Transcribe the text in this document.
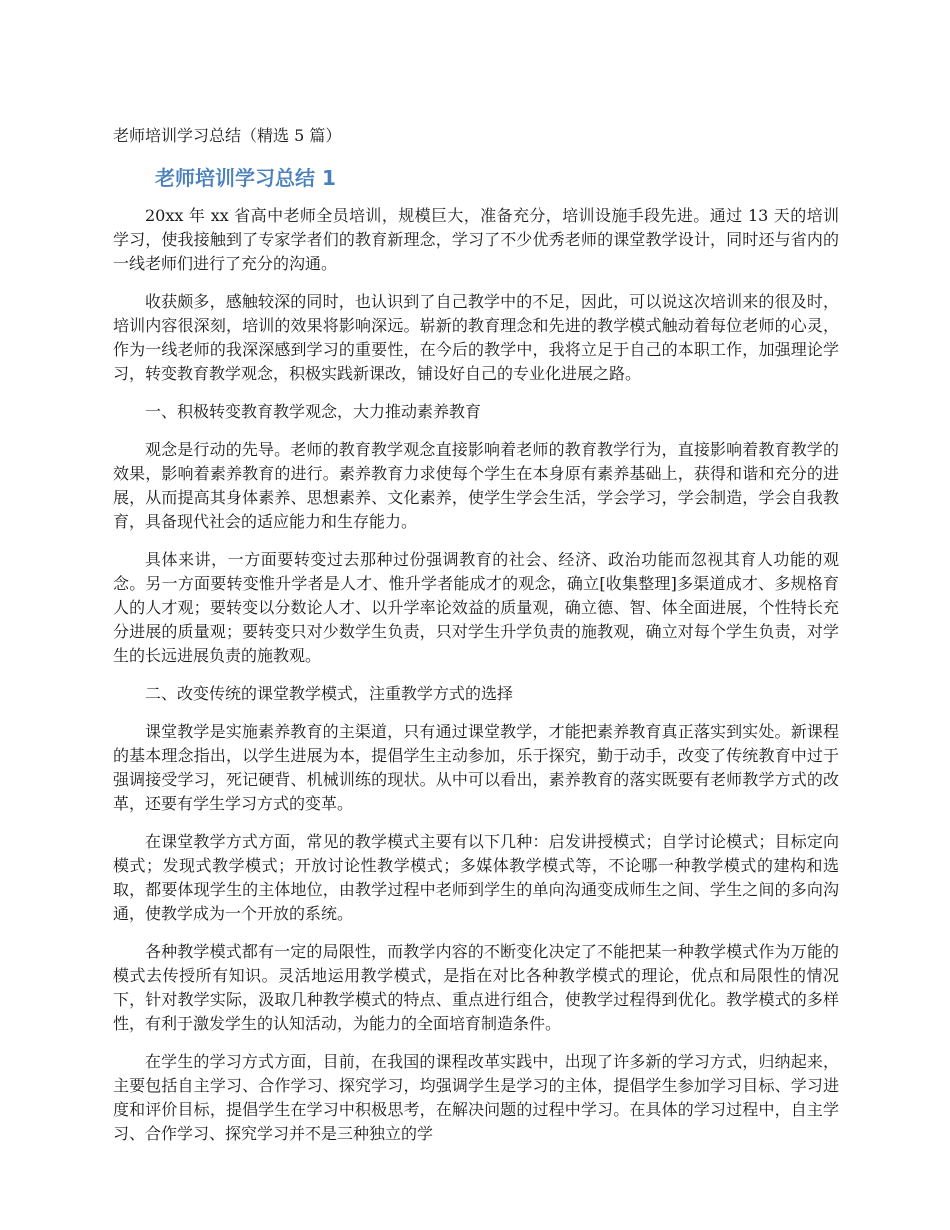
老师培训学习总结（精选 5 篇）
老师培训学习总结 1

20xx 年 xx 省高中老师全员培训，规模巨大，准备充分，培训设施手段先进。通过 13 天的培训学习，使我接触到了专家学者们的教育新理念，学习了不少优秀老师的课堂教学设计，同时还与省内的一线老师们进行了充分的沟通。

收获颇多，感触较深的同时，也认识到了自己教学中的不足，因此，可以说这次培训来的很及时，培训内容很深刻，培训的效果将影响深远。崭新的教育理念和先进的教学模式触动着每位老师的心灵，作为一线老师的我深深感到学习的重要性，在今后的教学中，我将立足于自己的本职工作，加强理论学习，转变教育教学观念，积极实践新课改，铺设好自己的专业化进展之路。

一、积极转变教育教学观念，大力推动素养教育

观念是行动的先导。老师的教育教学观念直接影响着老师的教育教学行为，直接影响着教育教学的效果，影响着素养教育的进行。素养教育力求使每个学生在本身原有素养基础上，获得和谐和充分的进展，从而提高其身体素养、思想素养、文化素养，使学生学会生活，学会学习，学会制造，学会自我教育，具备现代社会的适应能力和生存能力。

具体来讲，一方面要转变过去那种过份强调教育的社会、经济、政治功能而忽视其育人功能的观念。另一方面要转变惟升学者是人才、惟升学者能成才的观念，确立[收集整理]多渠道成才、多规格育人的人才观；要转变以分数论人才、以升学率论效益的质量观，确立德、智、体全面进展，个性特长充分进展的质量观；要转变只对少数学生负责，只对学生升学负责的施教观，确立对每个学生负责，对学生的长远进展负责的施教观。

二、改变传统的课堂教学模式，注重教学方式的选择

课堂教学是实施素养教育的主渠道，只有通过课堂教学，才能把素养教育真正落实到实处。新课程的基本理念指出，以学生进展为本，提倡学生主动参加，乐于探究，勤于动手，改变了传统教育中过于强调接受学习，死记硬背、机械训练的现状。从中可以看出，素养教育的落实既要有老师教学方式的改革，还要有学生学习方式的变革。

在课堂教学方式方面，常见的教学模式主要有以下几种：启发讲授模式；自学讨论模式；目标定向模式；发现式教学模式；开放讨论性教学模式；多媒体教学模式等，不论哪一种教学模式的建构和选取，都要体现学生的主体地位，由教学过程中老师到学生的单向沟通变成师生之间、学生之间的多向沟通，使教学成为一个开放的系统。

各种教学模式都有一定的局限性，而教学内容的不断变化决定了不能把某一种教学模式作为万能的模式去传授所有知识。灵活地运用教学模式，是指在对比各种教学模式的理论，优点和局限性的情况下，针对教学实际，汲取几种教学模式的特点、重点进行组合，使教学过程得到优化。教学模式的多样性，有利于激发学生的认知活动，为能力的全面培育制造条件。

在学生的学习方式方面，目前，在我国的课程改革实践中，出现了许多新的学习方式，归纳起来，主要包括自主学习、合作学习、探究学习，均强调学生是学习的主体，提倡学生参加学习目标、学习进度和评价目标，提倡学生在学习中积极思考，在解决问题的过程中学习。在具体的学习过程中，自主学习、合作学习、探究学习并不是三种独立的学
